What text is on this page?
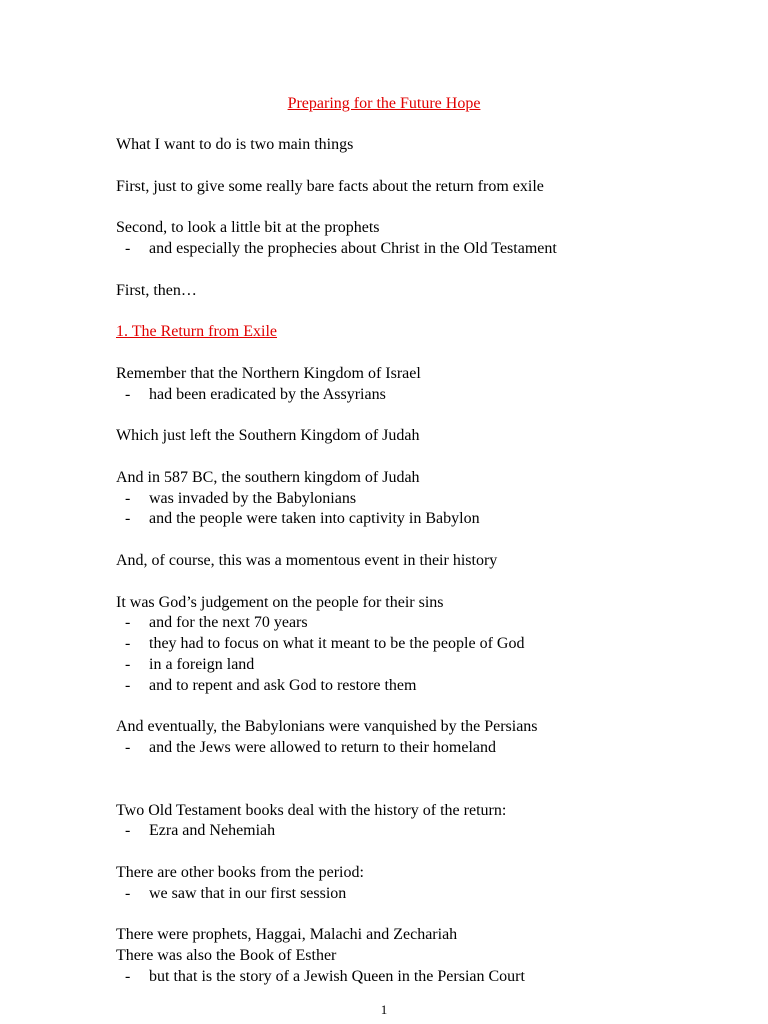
Preparing for the Future Hope
What I want to do is two main things
First, just to give some really bare facts about the return from exile
Second, to look a little bit at the prophets
- and especially the prophecies about Christ in the Old Testament
First, then…
1. The Return from Exile
Remember that the Northern Kingdom of Israel
- had been eradicated by the Assyrians
Which just left the Southern Kingdom of Judah
And in 587 BC, the southern kingdom of Judah
- was invaded by the Babylonians
- and the people were taken into captivity in Babylon
And, of course, this was a momentous event in their history
It was God’s judgement on the people for their sins
- and for the next 70 years
- they had to focus on what it meant to be the people of God
- in a foreign land
- and to repent and ask God to restore them
And eventually, the Babylonians were vanquished by the Persians
- and the Jews were allowed to return to their homeland
Two Old Testament books deal with the history of the return:
- Ezra and Nehemiah
There are other books from the period:
- we saw that in our first session
There were prophets, Haggai, Malachi and Zechariah
There was also the Book of Esther
- but that is the story of a Jewish Queen in the Persian Court
1
